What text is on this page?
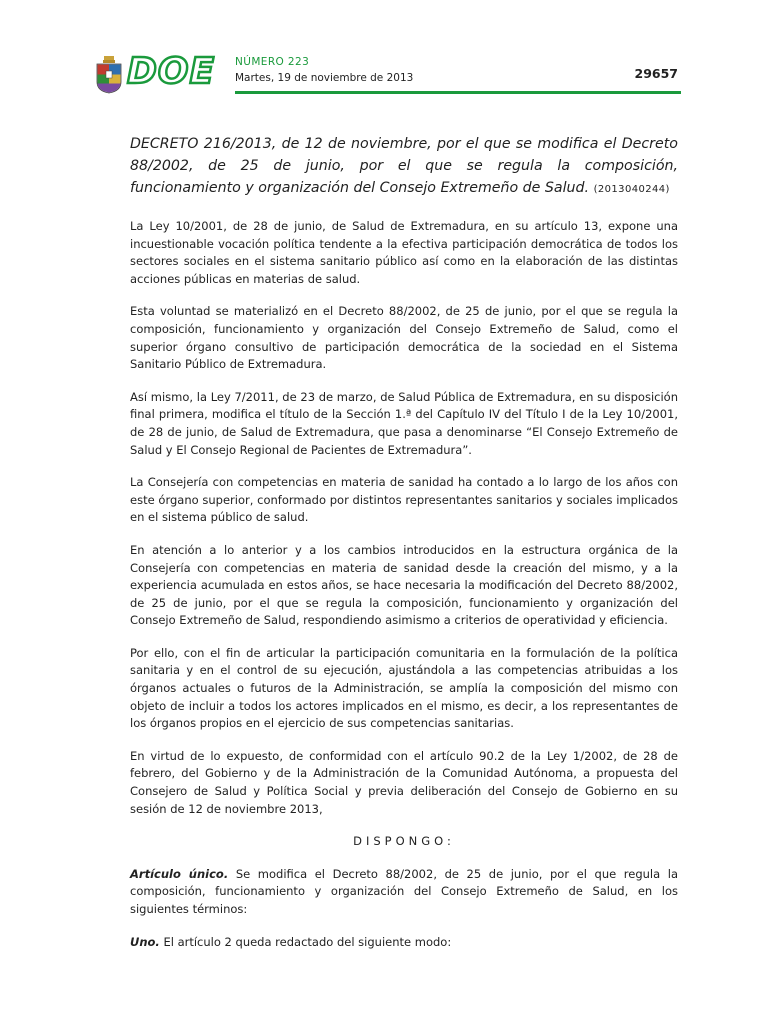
DOE NÚMERO 223
Martes, 19 de noviembre de 2013	29657
DECRETO 216/2013, de 12 de noviembre, por el que se modifica el Decreto 88/2002, de 25 de junio, por el que se regula la composición, funcionamiento y organización del Consejo Extremeño de Salud. (2013040244)

La Ley 10/2001, de 28 de junio, de Salud de Extremadura, en su artículo 13, expone una incuestionable vocación política tendente a la efectiva participación democrática de todos los sectores sociales en el sistema sanitario público así como en la elaboración de las distintas acciones públicas en materias de salud.

Esta voluntad se materializó en el Decreto 88/2002, de 25 de junio, por el que se regula la composición, funcionamiento y organización del Consejo Extremeño de Salud, como el superior órgano consultivo de participación democrática de la sociedad en el Sistema Sanitario Público de Extremadura.

Así mismo, la Ley 7/2011, de 23 de marzo, de Salud Pública de Extremadura, en su disposición final primera, modifica el título de la Sección 1.ª del Capítulo IV del Título I de la Ley 10/2001, de 28 de junio, de Salud de Extremadura, que pasa a denominarse “El Consejo Extremeño de Salud y El Consejo Regional de Pacientes de Extremadura”.

La Consejería con competencias en materia de sanidad ha contado a lo largo de los años con este órgano superior, conformado por distintos representantes sanitarios y sociales implicados en el sistema público de salud.

En atención a lo anterior y a los cambios introducidos en la estructura orgánica de la Consejería con competencias en materia de sanidad desde la creación del mismo, y a la experiencia acumulada en estos años, se hace necesaria la modificación del Decreto 88/2002, de 25 de junio, por el que se regula la composición, funcionamiento y organización del Consejo Extremeño de Salud, respondiendo asimismo a criterios de operatividad y eficiencia.

Por ello, con el fin de articular la participación comunitaria en la formulación de la política sanitaria y en el control de su ejecución, ajustándola a las competencias atribuidas a los órganos actuales o futuros de la Administración, se amplía la composición del mismo con objeto de incluir a todos los actores implicados en el mismo, es decir, a los representantes de los órganos propios en el ejercicio de sus competencias sanitarias.

En virtud de lo expuesto, de conformidad con el artículo 90.2 de la Ley 1/2002, de 28 de febrero, del Gobierno y de la Administración de la Comunidad Autónoma, a propuesta del Consejero de Salud y Política Social y previa deliberación del Consejo de Gobierno en su sesión de 12 de noviembre 2013,

DISPONGO:

Artículo único. Se modifica el Decreto 88/2002, de 25 de junio, por el que regula la composición, funcionamiento y organización del Consejo Extremeño de Salud, en los siguientes términos:

Uno. El artículo 2 queda redactado del siguiente modo:
